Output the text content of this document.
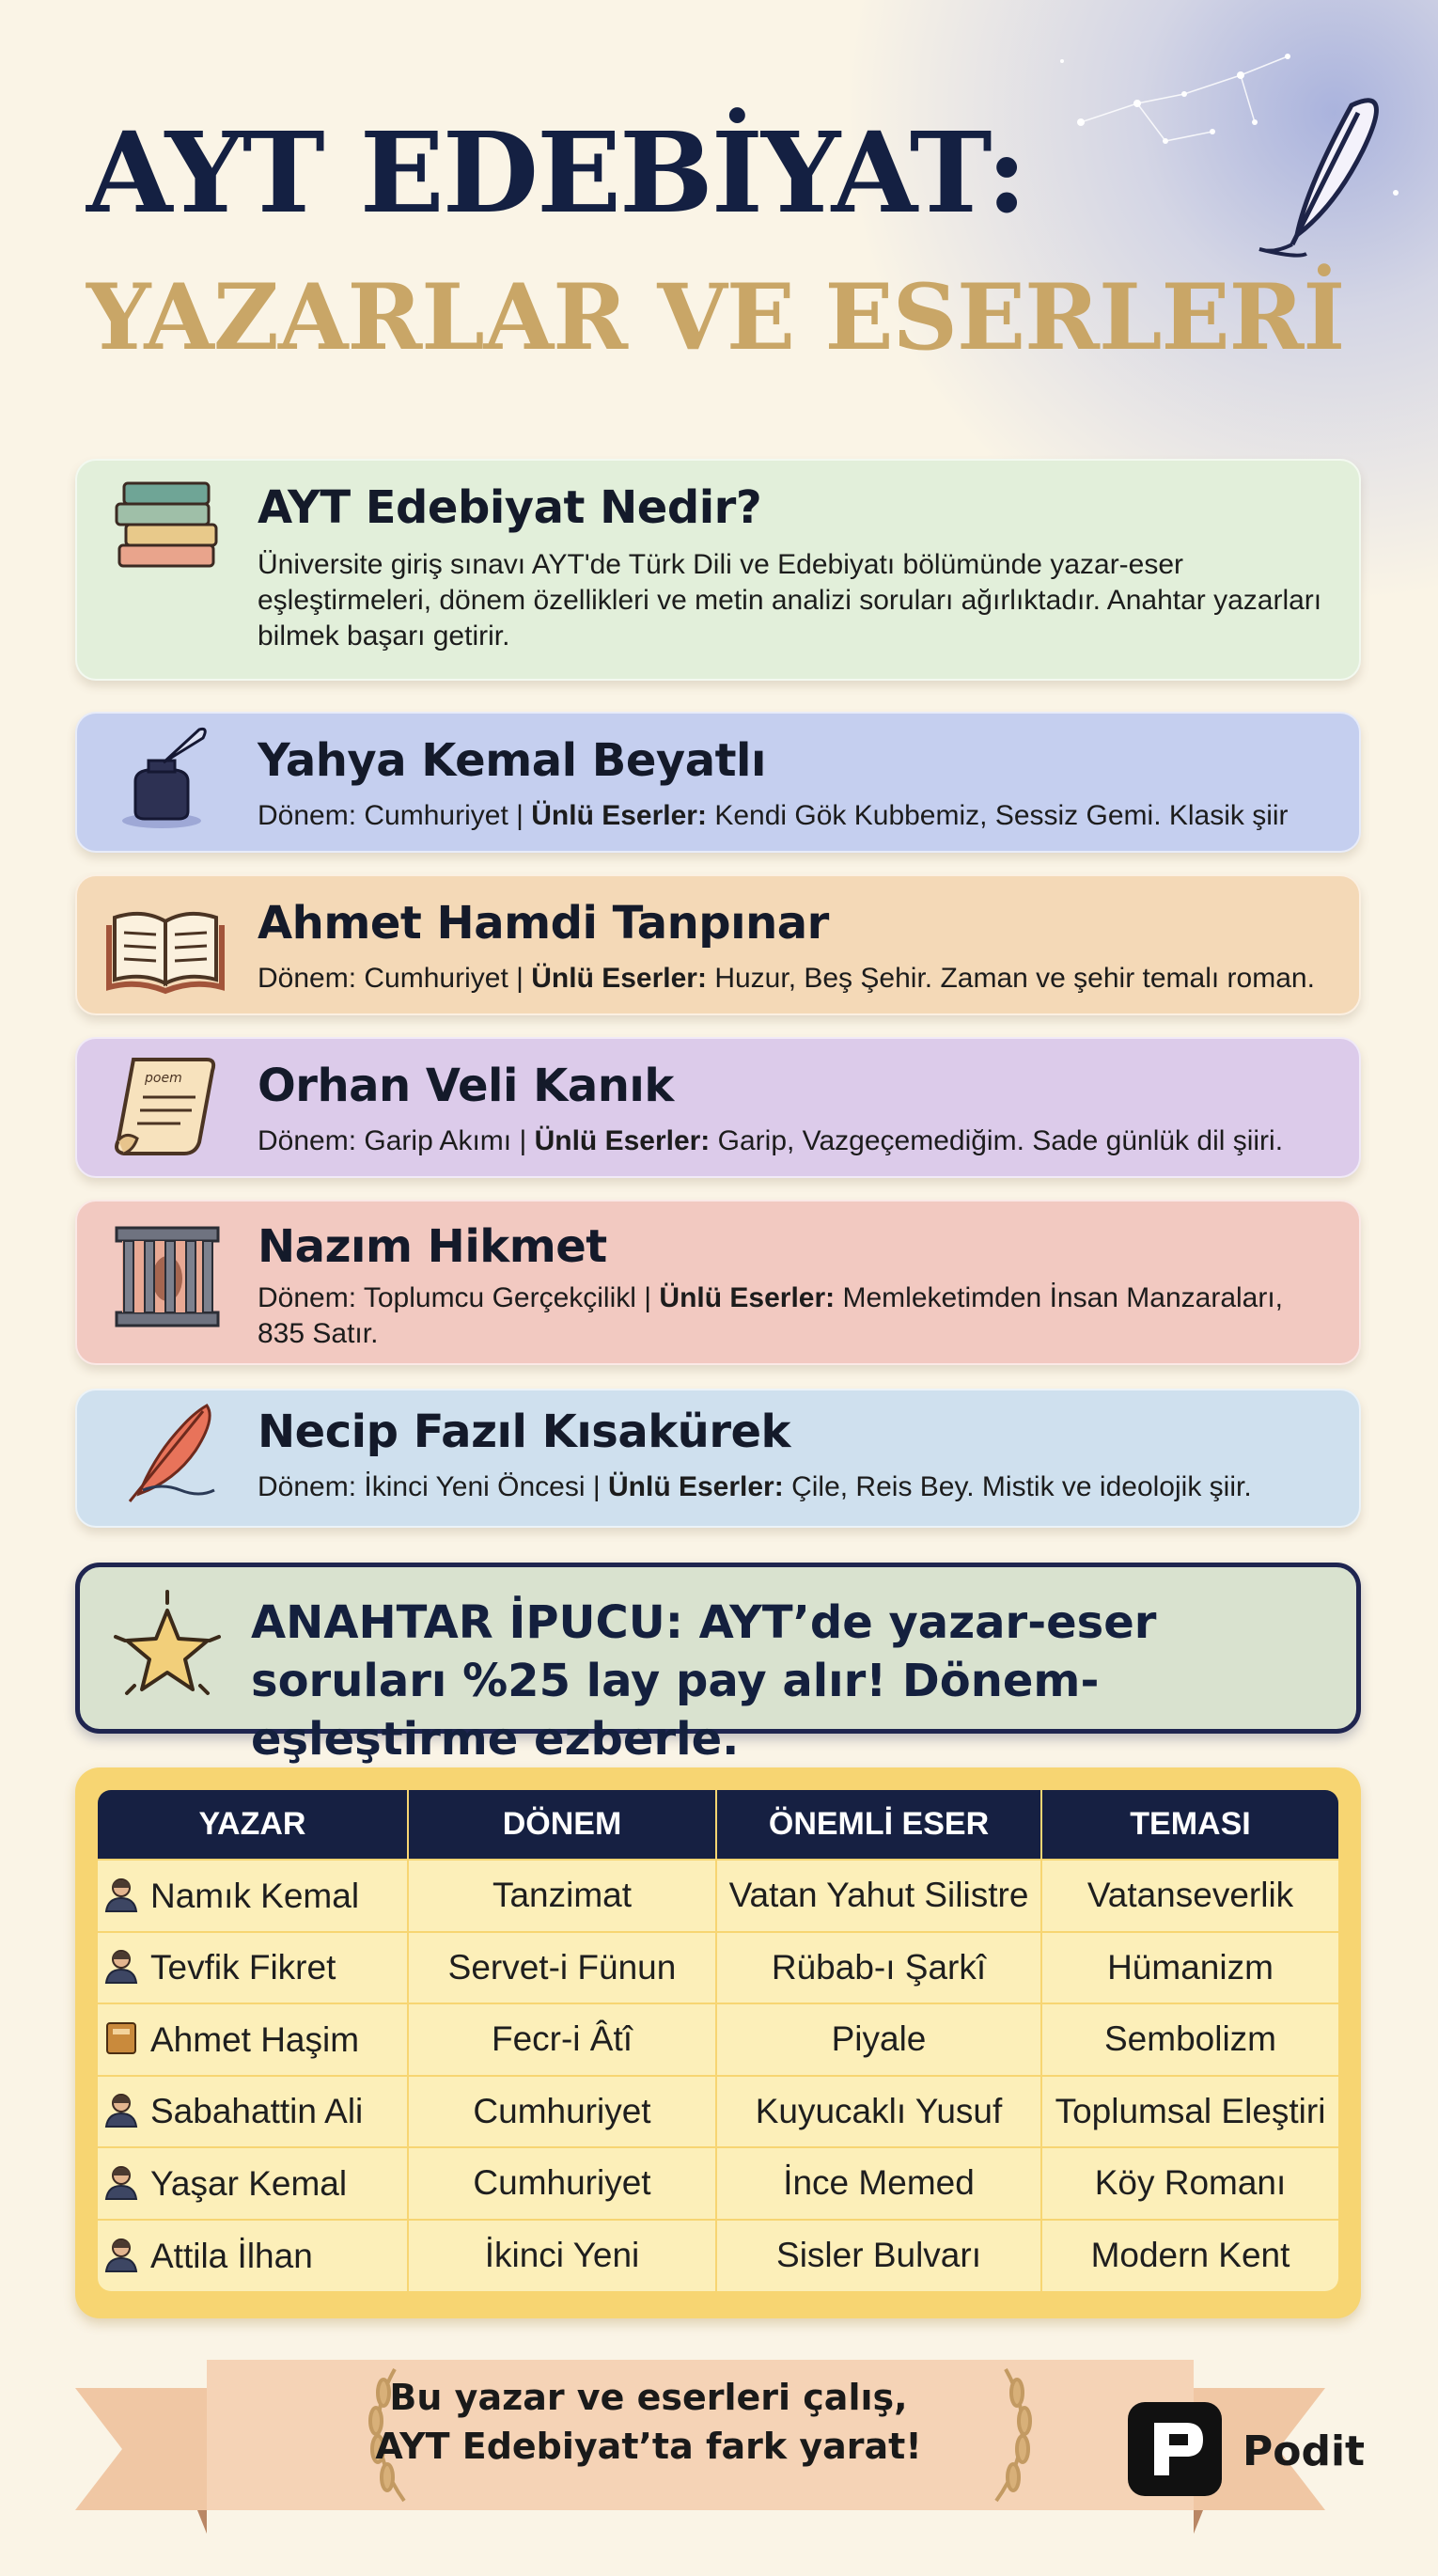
AYT EDEBİYAT:
YAZARLAR VE ESERLERİ
AYT Edebiyat Nedir?
Üniversite giriş sınavı AYT'de Türk Dili ve Edebiyatı bölümünde yazar-eser eşleştirmeleri, dönem özellikleri ve metin analizi soruları ağırlıktadır. Anahtar yazarları bilmek başarı getirir.
Yahya Kemal Beyatlı
Dönem: Cumhuriyet | Ünlü Eserler: Kendi Gök Kubbemiz, Sessiz Gemi. Klasik şiir
Ahmet Hamdi Tanpınar
Dönem: Cumhuriyet | Ünlü Eserler: Huzur, Beş Şehir. Zaman ve şehir temalı roman.
poem Orhan Veli Kanık
Dönem: Garip Akımı | Ünlü Eserler: Garip, Vazgeçemediğim. Sade günlük dil şiiri.
Nazım Hikmet
Dönem: Toplumcu Gerçekçilikl | Ünlü Eserler: Memleketimden İnsan Manzaraları, 835 Satır.
Necip Fazıl Kısakürek
Dönem: İkinci Yeni Öncesi | Ünlü Eserler: Çile, Reis Bey. Mistik ve ideolojik şiir.
ANAHTAR İPUCU: AYT’de yazar-eser soruları %25 lay pay alır! Dönem-eşleştirme ezberle.
YAZAR	DÖNEM	ÖNEMLİ ESER	TEMASI
Namık Kemal	Tanzimat	Vatan Yahut Silistre	Vatanseverlik
Tevfik Fikret	Servet-i Fünun	Rübab-ı Şarkî	Hümanizm
Ahmet Haşim	Fecr-i Âtî	Piyale	Sembolizm
Sabahattin Ali	Cumhuriyet	Kuyucaklı Yusuf	Toplumsal Eleştiri
Yaşar Kemal	Cumhuriyet	İnce Memed	Köy Romanı
Attila İlhan	İkinci Yeni	Sisler Bulvarı	Modern Kent
Bu yazar ve eserleri çalış,
AYT Edebiyat’ta fark yarat!	Podit
